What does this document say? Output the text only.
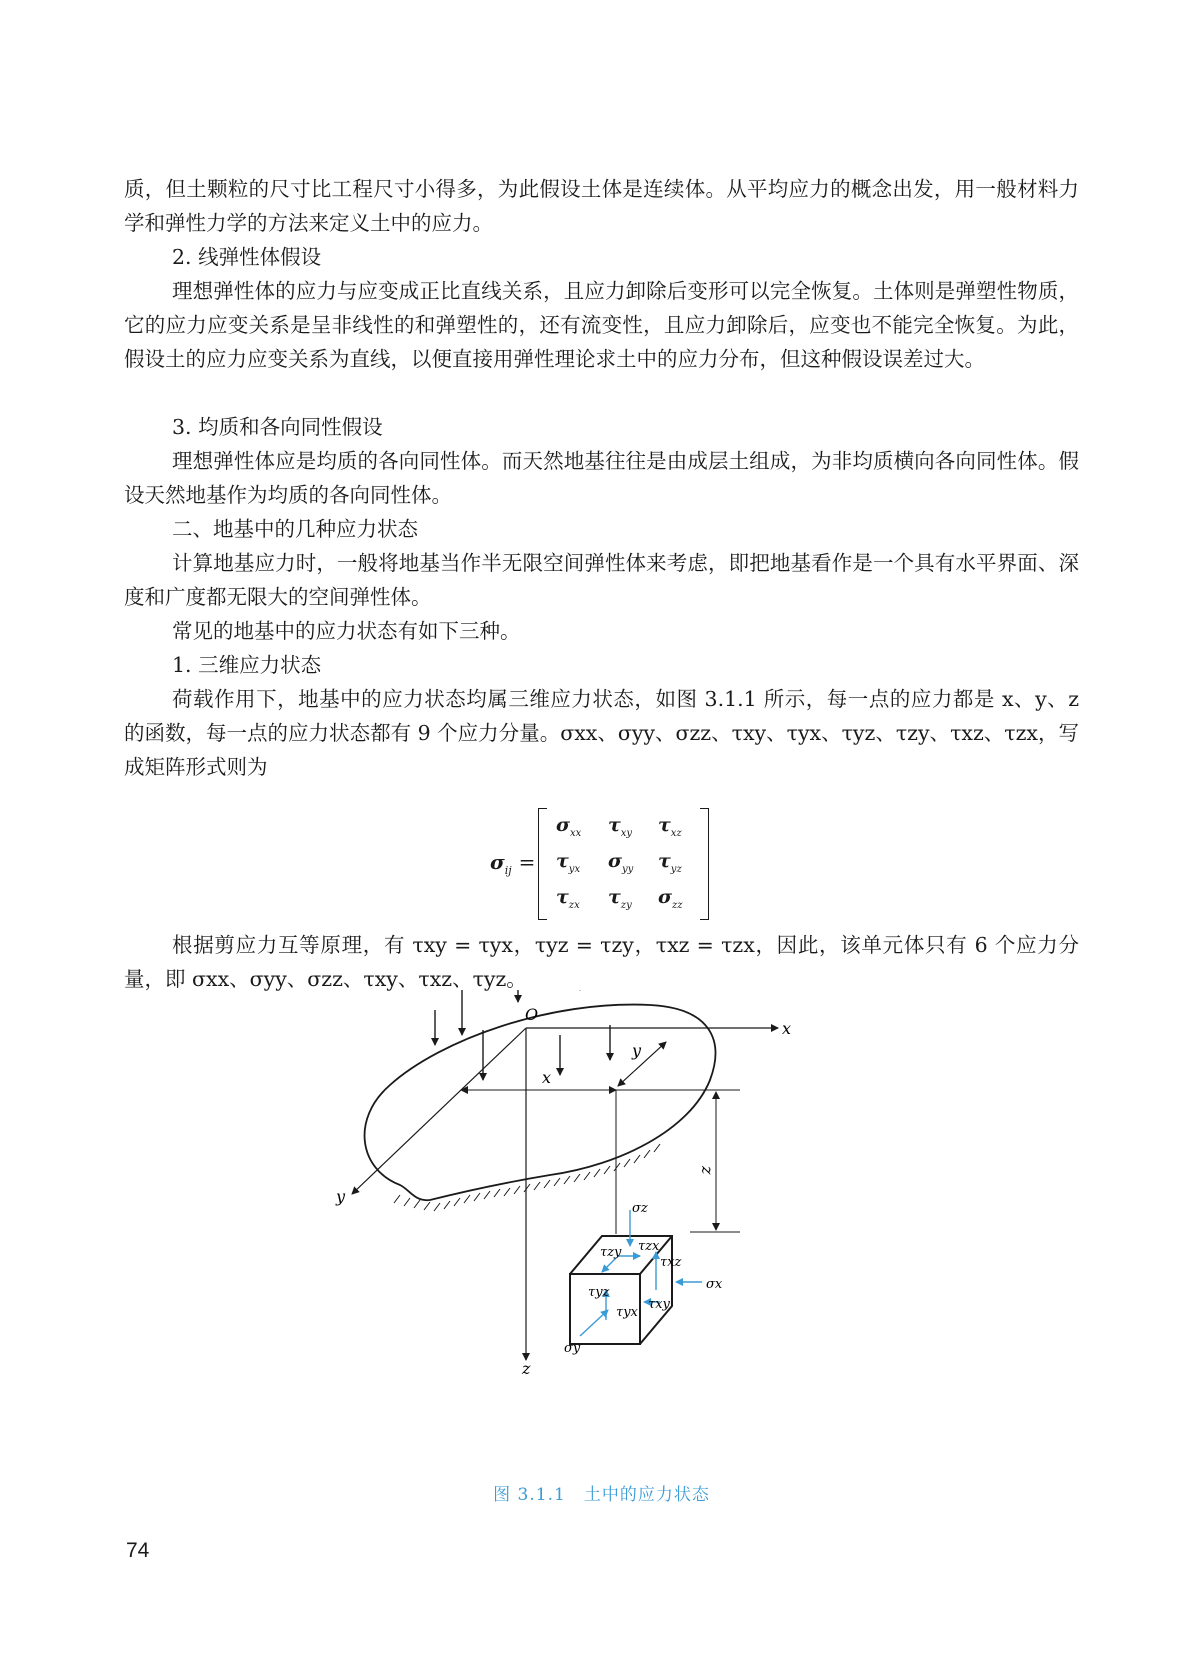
质，但土颗粒的尺寸比工程尺寸小得多，为此假设土体是连续体。从平均应力的概念出发，用一般材料力学和弹性力学的方法来定义土中的应力。

2. 线弹性体假设

理想弹性体的应力与应变成正比直线关系，且应力卸除后变形可以完全恢复。土体则是弹塑性物质，它的应力应变关系是呈非线性的和弹塑性的，还有流变性，且应力卸除后，应变也不能完全恢复。为此，假设土的应力应变关系为直线，以便直接用弹性理论求土中的应力分布，但这种假设误差过大。

3. 均质和各向同性假设

理想弹性体应是均质的各向同性体。而天然地基往往是由成层土组成，为非均质横向各向同性体。假设天然地基作为均质的各向同性体。

二、地基中的几种应力状态

计算地基应力时，一般将地基当作半无限空间弹性体来考虑，即把地基看作是一个具有水平界面、深度和广度都无限大的空间弹性体。

常见的地基中的应力状态有如下三种。

1. 三维应力状态

荷载作用下，地基中的应力状态均属三维应力状态，如图 3.1.1 所示，每一点的应力都是 x、y、z 的函数，每一点的应力状态都有 9 个应力分量。σxx、σyy、σzz、τxy、τyx、τyz、τzy、τxz、τzx，写成矩阵形式则为

$\sigma_{ij}$ =
$\sigma_{xx}$ $\tau_{xy}$ $\tau_{xz}$
$\tau_{yx}$ $\sigma_{yy}$ $\tau_{yz}$
$\tau_{zx}$ $\tau_{zy}$ $\sigma_{zz}$

根据剪应力互等原理，有 τxy = τyx，τyz = τzy，τxz = τzx，因此，该单元体只有 6 个应力分量，即 σxx、σyy、σzz、τxy、τxz、τyz。

O
x
y
z
x
y
z
σz
τzx
τzy
τxz
σx
τyz
τxy
τyx
σy
图 3.1.1　土中的应力状态
74
